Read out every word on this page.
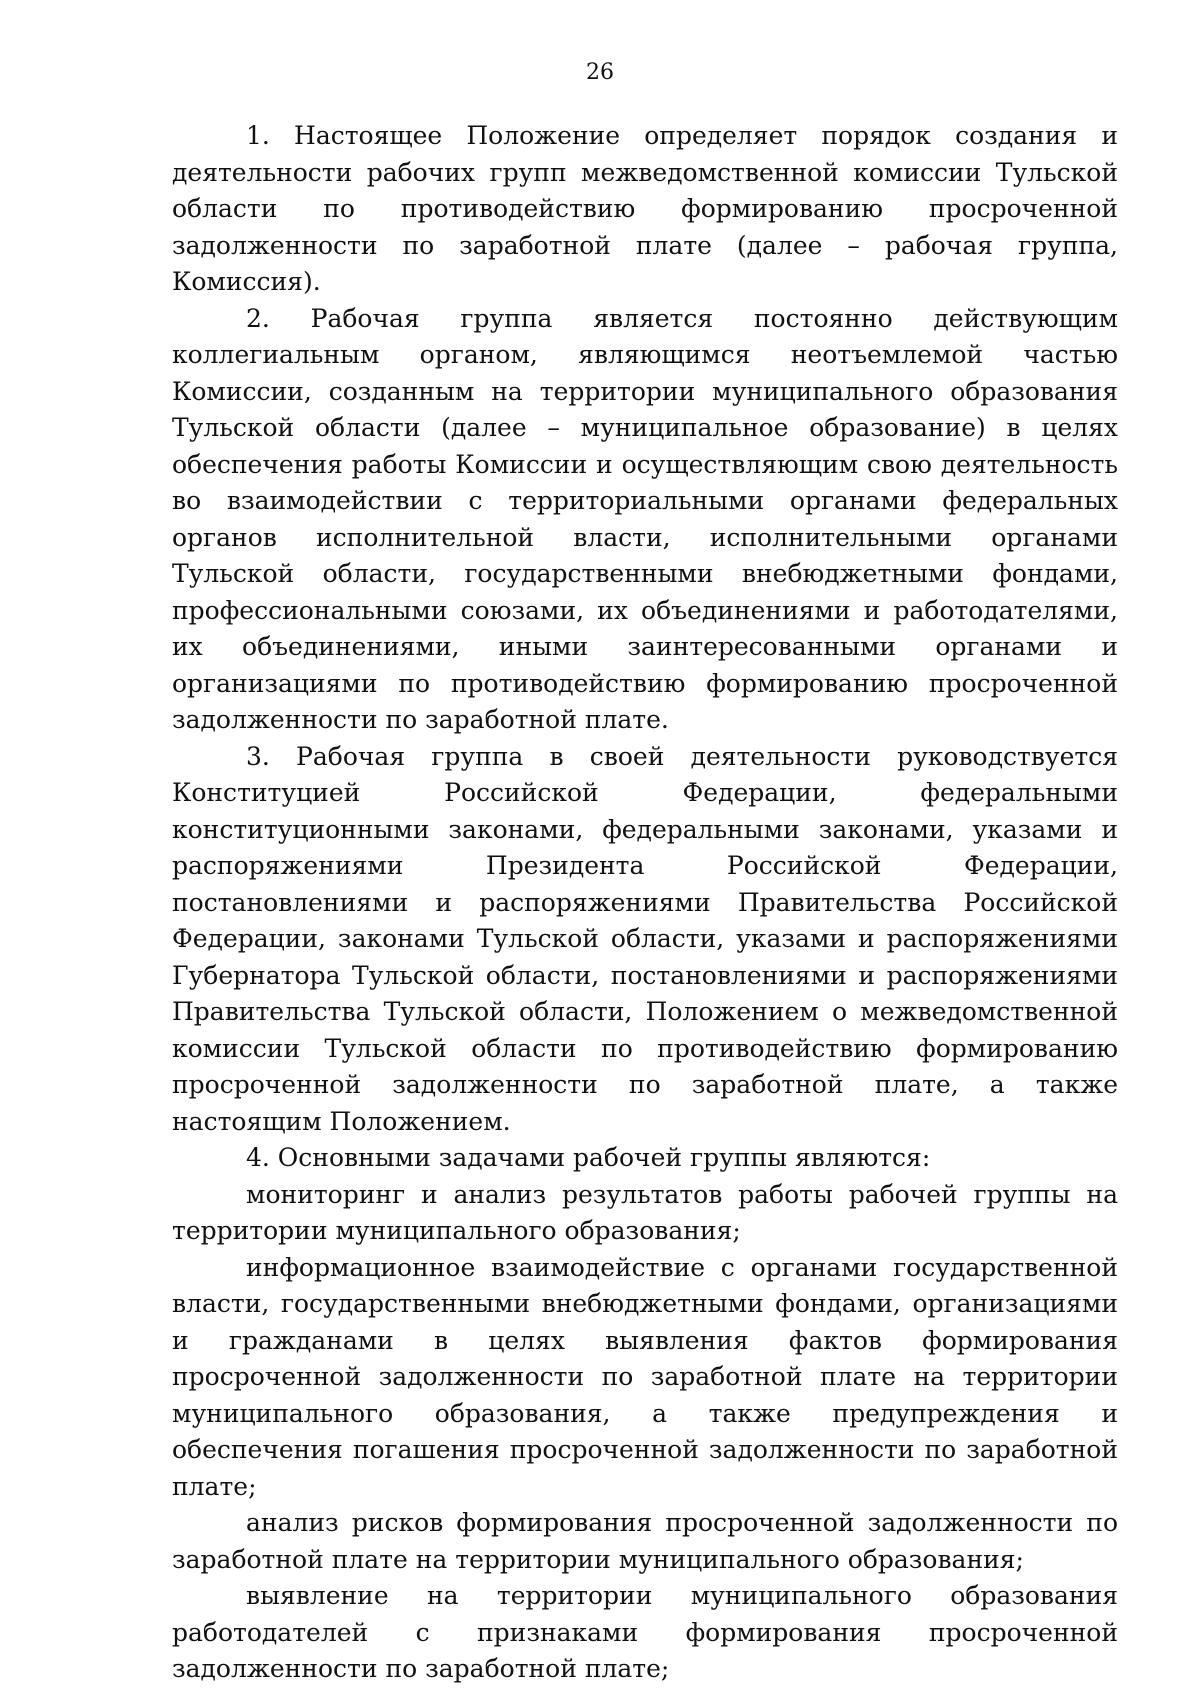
26

1. Настоящее Положение определяет порядок создания и деятельности рабочих групп межведомственной комиссии Тульской области по противодействию формированию просроченной задолженности по заработной плате (далее – рабочая группа, Комиссия).

2. Рабочая группа является постоянно действующим коллегиальным органом, являющимся неотъемлемой частью Комиссии, созданным на территории муниципального образования Тульской области (далее – муниципальное образование) в целях обеспечения работы Комиссии и осуществляющим свою деятельность во взаимодействии с территориальными органами федеральных органов исполнительной власти, исполнительными органами Тульской области, государственными внебюджетными фондами, профессиональными союзами, их объединениями и работодателями, их объединениями, иными заинтересованными органами и организациями по противодействию формированию просроченной задолженности по заработной плате.

3. Рабочая группа в своей деятельности руководствуется Конституцией Российской Федерации, федеральными конституционными законами, федеральными законами, указами и распоряжениями Президента Российской Федерации, постановлениями и распоряжениями Правительства Российской Федерации, законами Тульской области, указами и распоряжениями Губернатора Тульской области, постановлениями и распоряжениями Правительства Тульской области, Положением о межведомственной комиссии Тульской области по противодействию формированию просроченной задолженности по заработной плате, а также настоящим Положением.

4. Основными задачами рабочей группы являются:

мониторинг и анализ результатов работы рабочей группы на территории муниципального образования;

информационное взаимодействие с органами государственной власти, государственными внебюджетными фондами, организациями и гражданами в целях выявления фактов формирования просроченной задолженности по заработной плате на территории муниципального образования, а также предупреждения и обеспечения погашения просроченной задолженности по заработной плате;

анализ рисков формирования просроченной задолженности по заработной плате на территории муниципального образования;

выявление на территории муниципального образования работодателей с признаками формирования просроченной задолженности по заработной плате;
